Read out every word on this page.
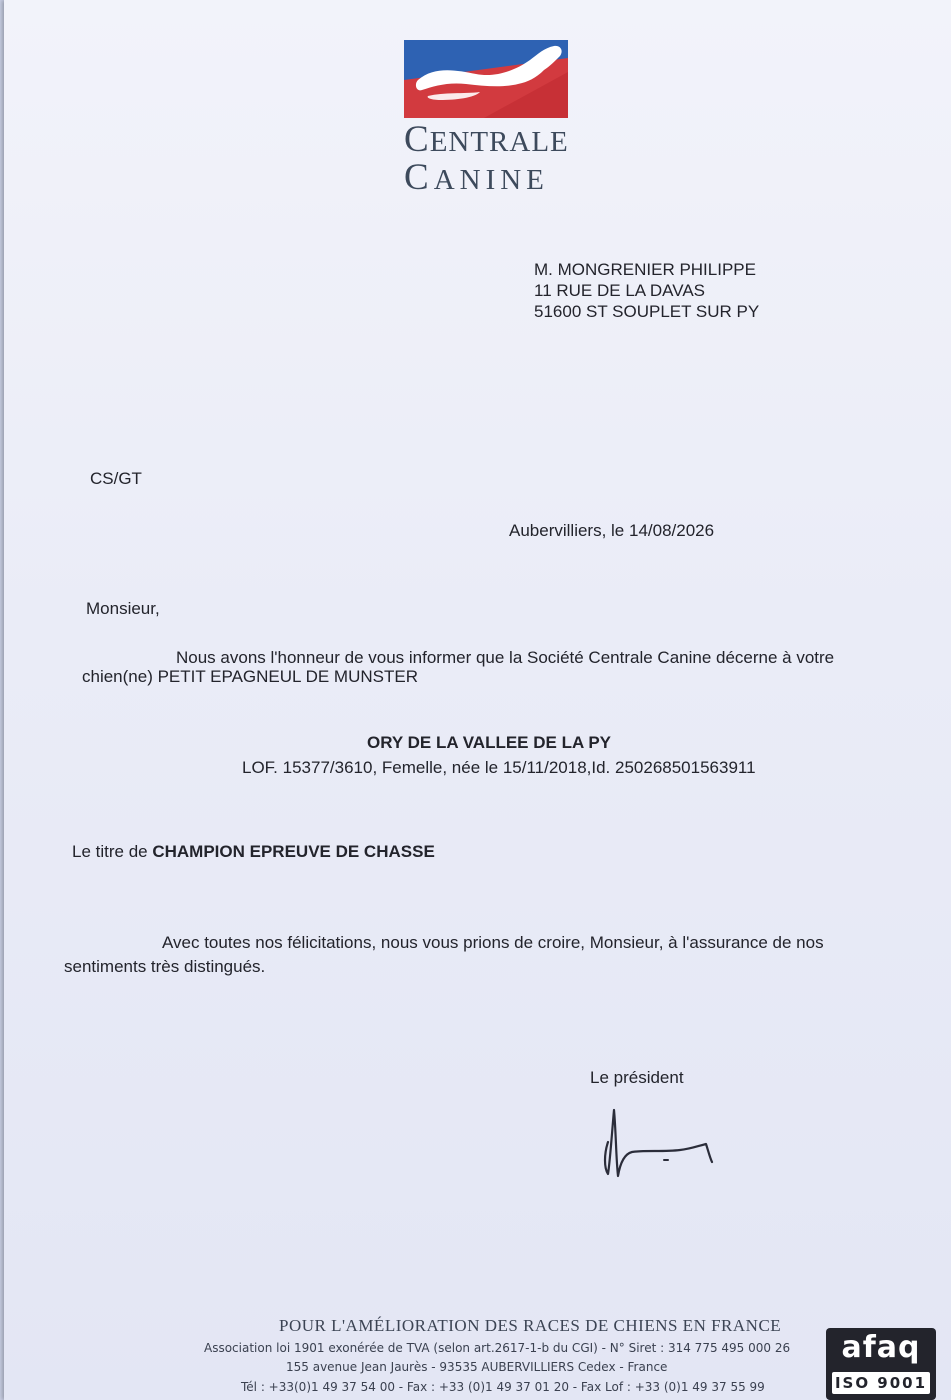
CENTRALE
CANINE
M. MONGRENIER PHILIPPE
11 RUE DE LA DAVAS
51600 ST SOUPLET SUR PY
CS/GT
Aubervilliers, le 14/08/2026
Monsieur,
Nous avons l'honneur de vous informer que la Société Centrale Canine décerne à votre
chien(ne) PETIT EPAGNEUL DE MUNSTER
ORY DE LA VALLEE DE LA PY
LOF. 15377/3610, Femelle, née le 15/11/2018,Id. 250268501563911
Le titre de CHAMPION EPREUVE DE CHASSE
Avec toutes nos félicitations, nous vous prions de croire, Monsieur, à l'assurance de nos
sentiments très distingués.
Le président
POUR L'AMÉLIORATION DES RACES DE CHIENS EN FRANCE
Association loi 1901 exonérée de TVA (selon art.2617-1-b du CGI) - N° Siret : 314 775 495 000 26
155 avenue Jean Jaurès - 93535 AUBERVILLIERS Cedex - France
Tél : +33(0)1 49 37 54 00 - Fax : +33 (0)1 49 37 01 20 - Fax Lof : +33 (0)1 49 37 55 99
afaq
ISO 9001
